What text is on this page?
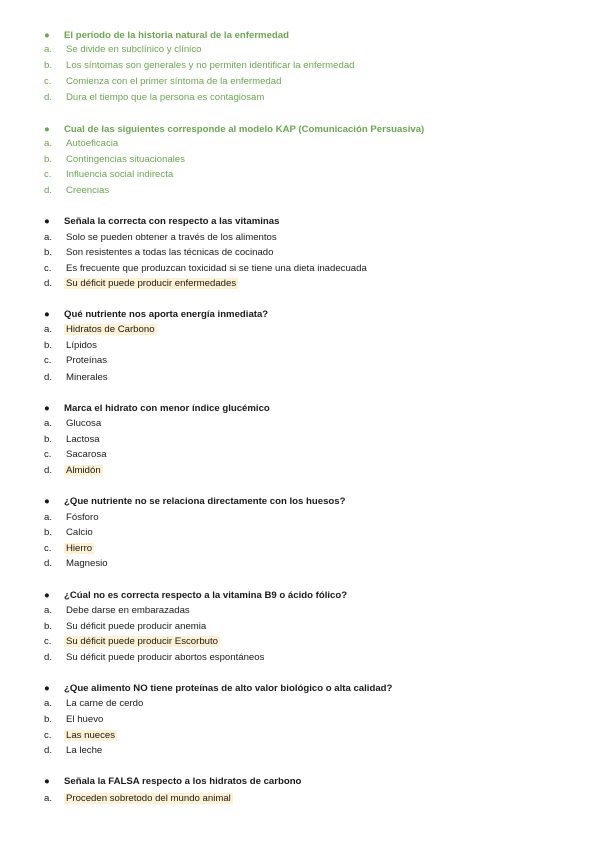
● El período de la historia natural de la enfermedad
a. Se divide en subclínico y clínico
b. Los síntomas son generales y no permiten identificar la enfermedad
c. Comienza con el primer síntoma de la enfermedad
d. Dura el tiempo que la persona es contagiosam
● Cual de las siguientes corresponde al modelo KAP (Comunicación Persuasiva)
a. Autoeficacia
b. Contingencias situacionales
c. Influencia social indirecta
d. Creencias
● Señala la correcta con respecto a las vitaminas
a. Solo se pueden obtener a través de los alimentos
b. Son resistentes a todas las técnicas de cocinado
c. Es frecuente que produzcan toxicidad si se tiene una dieta inadecuada
d. Su déficit puede producir enfermedades
● Qué nutriente nos aporta energía inmediata?
a. Hidratos de Carbono
b. Lípidos
c. Proteínas
d. Minerales
● Marca el hidrato con menor índice glucémico
a. Glucosa
b. Lactosa
c. Sacarosa
d. Almidón
● ¿Que nutriente no se relaciona directamente con los huesos?
a. Fósforo
b. Calcio
c. Hierro
d. Magnesio
● ¿Cúal no es correcta respecto a la vitamina B9 o ácido fólico?
a. Debe darse en embarazadas
b. Su déficit puede producir anemia
c. Su déficit puede producir Escorbuto
d. Su déficit puede producir abortos espontáneos
● ¿Que alimento NO tiene proteínas de alto valor biológico o alta calidad?
a. La carne de cerdo
b. El huevo
c. Las nueces
d. La leche
● Señala la FALSA respecto a los hidratos de carbono
a. Proceden sobretodo del mundo animal
